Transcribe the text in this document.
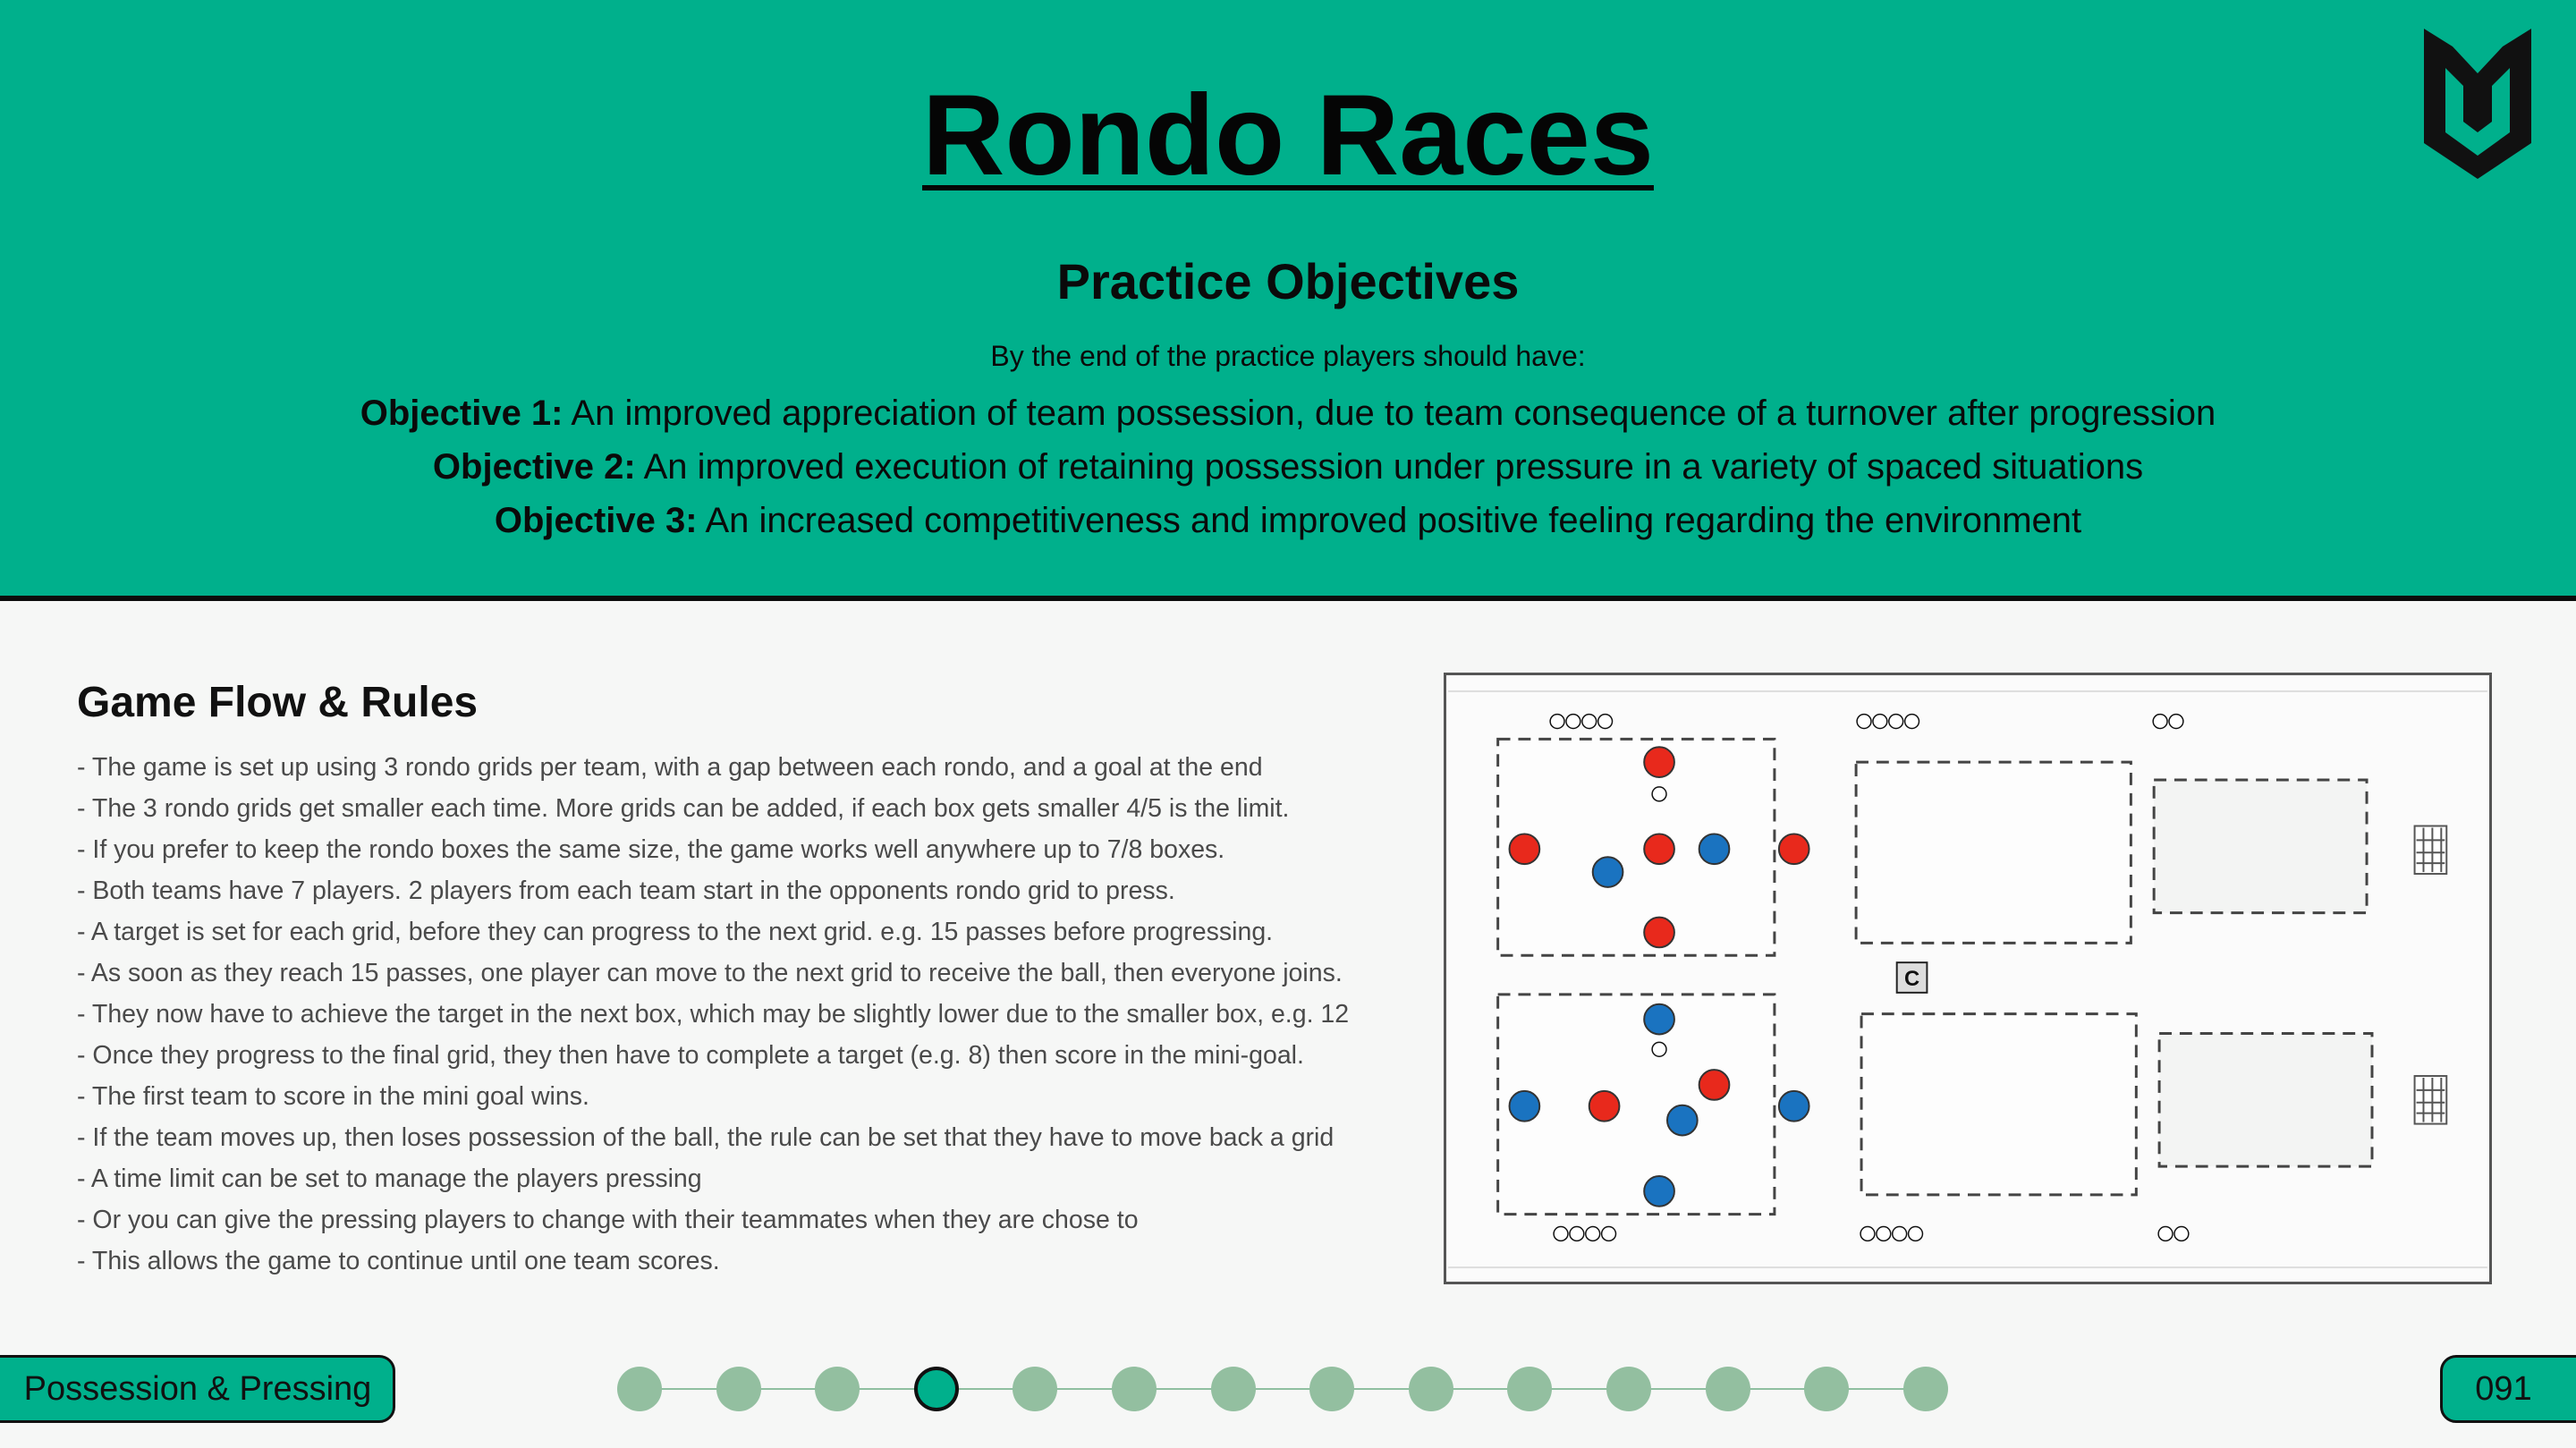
Rondo Races
Practice Objectives
By the end of the practice players should have:
Objective 1: An improved appreciation of team possession, due to team consequence of a turnover after progression
Objective 2: An improved execution of retaining possession under pressure in a variety of spaced situations
Objective 3: An increased competitiveness and improved positive feeling regarding the environment
Game Flow & Rules
- The game is set up using 3 rondo grids per team, with a gap between each rondo, and a goal at the end
- The 3 rondo grids get smaller each time. More grids can be added, if each box gets smaller 4/5 is the limit.
- If you prefer to keep the rondo boxes the same size, the game works well anywhere up to 7/8 boxes.
- Both teams have 7 players. 2 players from each team start in the opponents rondo grid to press.
- A target is set for each grid, before they can progress to the next grid. e.g. 15 passes before progressing.
- As soon as they reach 15 passes, one player can move to the next grid to receive the ball, then everyone joins.
- They now have to achieve the target in the next box, which may be slightly lower due to the smaller box, e.g. 12
- Once they progress to the final grid, they then have to complete a target (e.g. 8) then score in the mini-goal.
- The first team to score in the mini goal wins.
- If the team moves up, then loses possession of the ball, the rule can be set that they have to move back a grid
- A time limit can be set to manage the players pressing
- Or you can give the pressing players to change with their teammates when they are chose to
- This allows the game to continue until one team scores.
C
Possession & Pressing	091
